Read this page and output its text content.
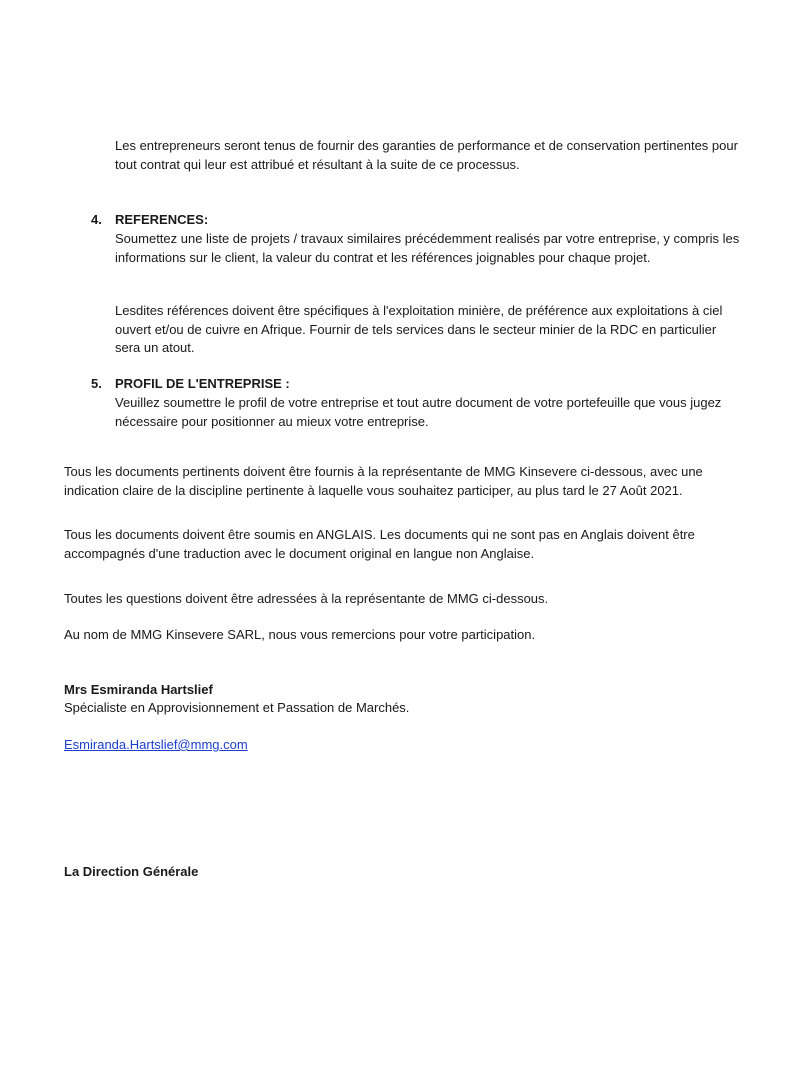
Les entrepreneurs seront tenus de fournir des garanties de performance et de conservation pertinentes pour tout contrat qui leur est attribué et résultant à la suite de ce processus.

4. REFERENCES:

Soumettez une liste de projets / travaux similaires précédemment realisés par votre entreprise, y compris les informations sur le client, la valeur du contrat et les références joignables pour chaque projet.

Lesdites références doivent être spécifiques à l'exploitation minière, de préférence aux exploitations à ciel ouvert et/ou de cuivre en Afrique. Fournir de tels services dans le secteur minier de la RDC en particulier sera un atout.

5. PROFIL DE L'ENTREPRISE :

Veuillez soumettre le profil de votre entreprise et tout autre document de votre portefeuille que vous jugez nécessaire pour positionner au mieux votre entreprise.

Tous les documents pertinents doivent être fournis à la représentante de MMG Kinsevere ci-dessous, avec une indication claire de la discipline pertinente à laquelle vous souhaitez participer, au plus tard le 27 Août 2021.

Tous les documents doivent être soumis en ANGLAIS. Les documents qui ne sont pas en Anglais doivent être accompagnés d'une traduction avec le document original en langue non Anglaise.

Toutes les questions doivent être adressées à la représentante de MMG ci-dessous.

Au nom de MMG Kinsevere SARL, nous vous remercions pour votre participation.

Mrs Esmiranda Hartslief
Spécialiste en Approvisionnement et Passation de Marchés.
Esmiranda.Hartslief@mmg.com
La Direction Générale
